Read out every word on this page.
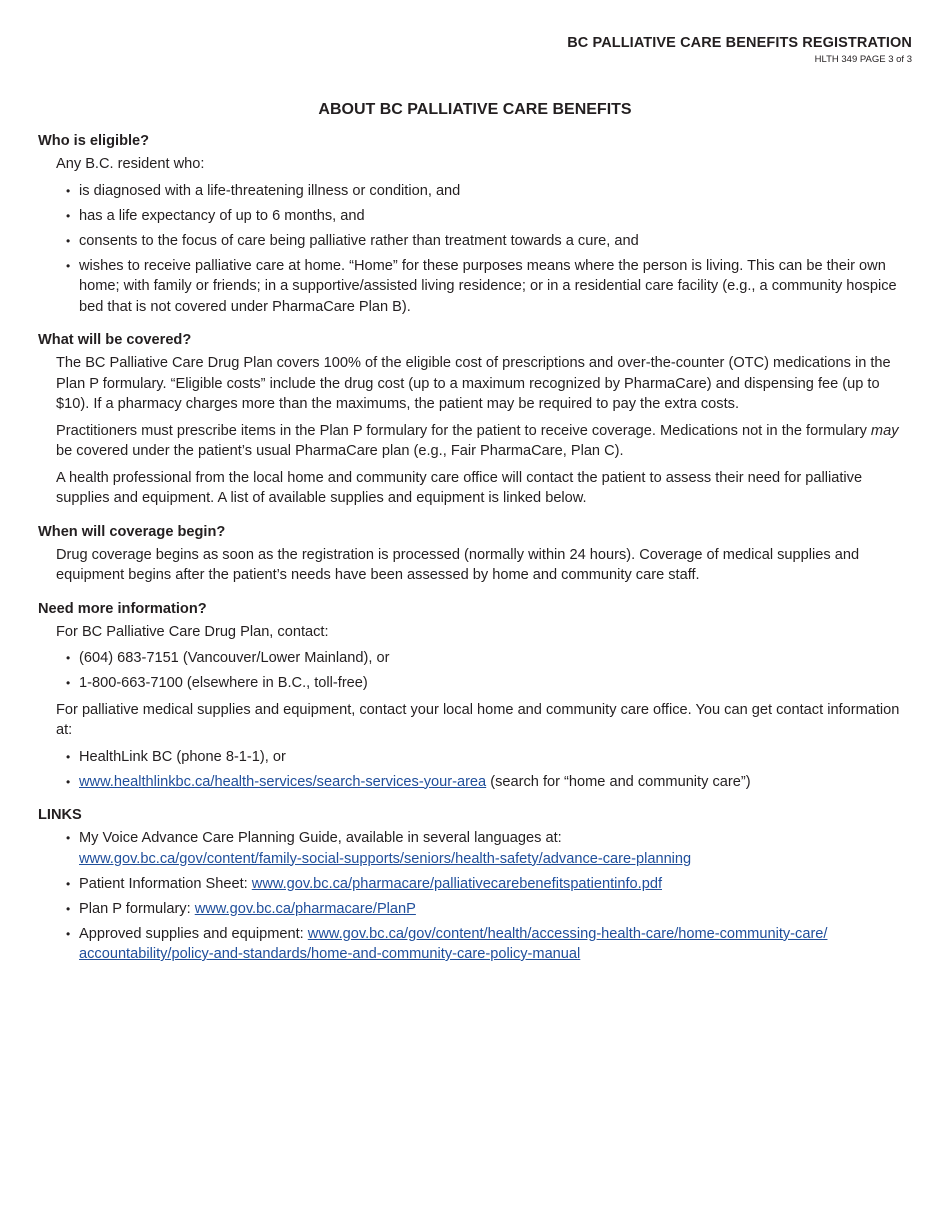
BC PALLIATIVE CARE BENEFITS REGISTRATION
HLTH 349 PAGE 3 of 3
ABOUT BC PALLIATIVE CARE BENEFITS
Who is eligible?
Any B.C. resident who:
• is diagnosed with a life-threatening illness or condition, and
• has a life expectancy of up to 6 months, and
• consents to the focus of care being palliative rather than treatment towards a cure, and
• wishes to receive palliative care at home. “Home” for these purposes means where the person is living. This can be their own home; with family or friends; in a supportive/assisted living residence; or in a residential care facility (e.g., a community hospice bed that is not covered under PharmaCare Plan B).
What will be covered?

The BC Palliative Care Drug Plan covers 100% of the eligible cost of prescriptions and over-the-counter (OTC) medications in the Plan P formulary. “Eligible costs” include the drug cost (up to a maximum recognized by PharmaCare) and dispensing fee (up to $10). If a pharmacy charges more than the maximums, the patient may be required to pay the extra costs.

Practitioners must prescribe items in the Plan P formulary for the patient to receive coverage. Medications not in the formulary may be covered under the patient’s usual PharmaCare plan (e.g., Fair PharmaCare, Plan C).

A health professional from the local home and community care office will contact the patient to assess their need for palliative supplies and equipment. A list of available supplies and equipment is linked below.

When will coverage begin?

Drug coverage begins as soon as the registration is processed (normally within 24 hours). Coverage of medical supplies and equipment begins after the patient’s needs have been assessed by home and community care staff.

Need more information?
For BC Palliative Care Drug Plan, contact:
• (604) 683-7151 (Vancouver/Lower Mainland), or
• 1-800-663-7100 (elsewhere in B.C., toll-free)

For palliative medical supplies and equipment, contact your local home and community care office. You can get contact information at:

• HealthLink BC (phone 8-1-1), or
• www.healthlinkbc.ca/health-services/search-services-your-area (search for “home and community care”)
LINKS
• My Voice Advance Care Planning Guide, available in several languages at:
www.gov.bc.ca/gov/content/family-social-supports/seniors/health-safety/advance-care-planning
• Patient Information Sheet: www.gov.bc.ca/pharmacare/palliativecarebenefitspatientinfo.pdf
• Plan P formulary: www.gov.bc.ca/pharmacare/PlanP
• Approved supplies and equipment: www.gov.bc.ca/gov/content/health/accessing-health-care/home-community-care/
accountability/policy-and-standards/home-and-community-care-policy-manual
